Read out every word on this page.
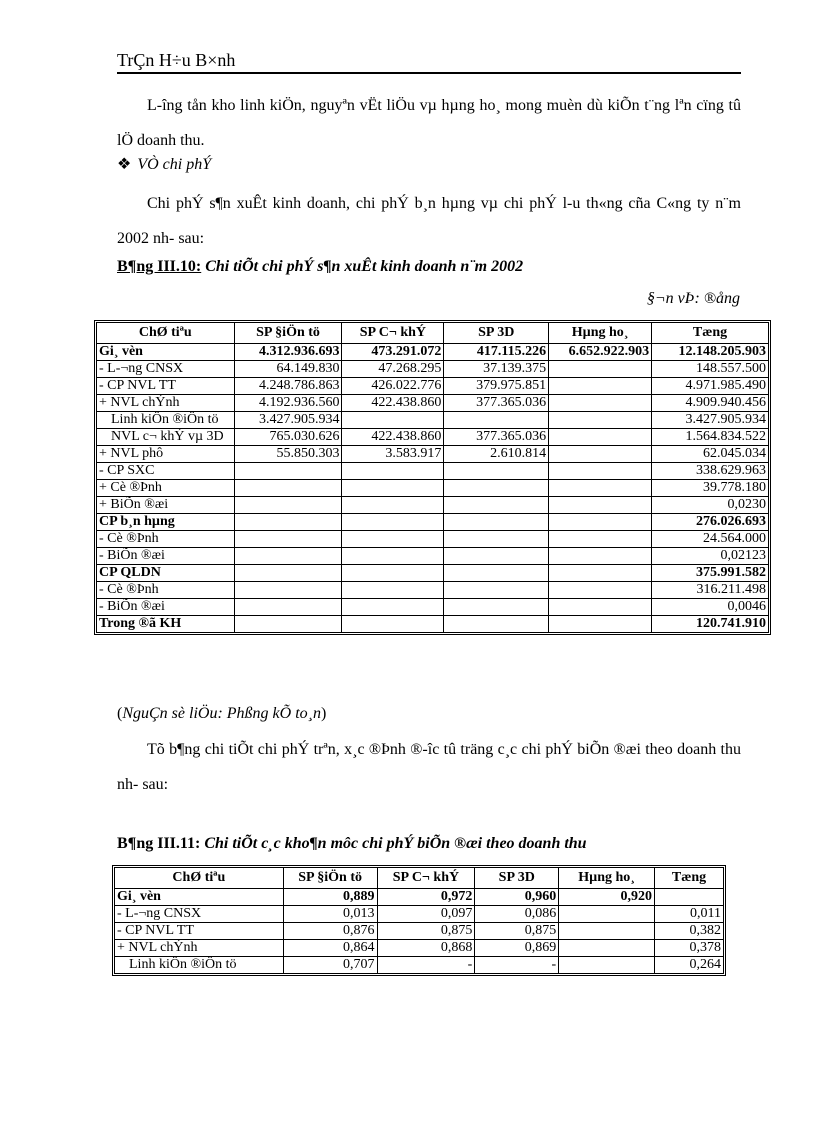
TrÇn H÷u B×nh
L-îng tån kho linh kiÖn, nguyªn vËt liÖu vµ hµng ho¸ mong muèn dù kiÕn t¨ng lªn cïng tû lÖ doanh thu.
❖ VÒ chi phÝ
Chi phÝ s¶n xuÊt kinh doanh, chi phÝ b¸n hµng vµ chi phÝ l-u th«ng cña C«ng ty n¨m 2002 nh- sau:
B¶ng III.10: Chi tiÕt chi phÝ s¶n xuÊt kinh doanh n¨m 2002
§¬n vÞ: ®ång
ChØ tiªu	SP §iÖn tö	SP C¬ khÝ	SP 3D	Hµng ho¸	Tæng
Gi¸ vèn	4.312.936.693	473.291.072	417.115.226	6.652.922.903	12.148.205.903
- L-¬ng CNSX	64.149.830	47.268.295	37.139.375		148.557.500
- CP NVL TT	4.248.786.863	426.022.776	379.975.851		4.971.985.490
+ NVL chÝnh	4.192.936.560	422.438.860	377.365.036		4.909.940.456
Linh kiÖn ®iÖn tö	3.427.905.934				3.427.905.934
NVL c¬ khÝ vµ 3D	765.030.626	422.438.860	377.365.036		1.564.834.522
+ NVL phô	55.850.303	3.583.917	2.610.814		62.045.034
- CP SXC					338.629.963
+ Cè ®Þnh					39.778.180
+ BiÕn ®æi					0,0230
CP b¸n hµng					276.026.693
- Cè ®Þnh					24.564.000
- BiÕn ®æi					0,02123
CP QLDN					375.991.582
- Cè ®Þnh					316.211.498
- BiÕn ®æi					0,0046
Trong ®ã KH					120.741.910
(NguÇn sè liÖu: Phßng kÕ to¸n)
Tõ b¶ng chi tiÕt chi phÝ trªn, x¸c ®Þnh ®-îc tû träng c¸c chi phÝ biÕn ®æi theo doanh thu nh- sau:
B¶ng III.11: Chi tiÕt c¸c kho¶n môc chi phÝ biÕn ®æi theo doanh thu
ChØ tiªu	SP §iÖn tö	SP C¬ khÝ	SP 3D	Hµng ho¸	Tæng
Gi¸ vèn	0,889	0,972	0,960	0,920	
- L-¬ng CNSX	0,013	0,097	0,086		0,011
- CP NVL TT	0,876	0,875	0,875		0,382
+ NVL chÝnh	0,864	0,868	0,869		0,378
Linh kiÖn ®iÖn tö	0,707	-	-		0,264
